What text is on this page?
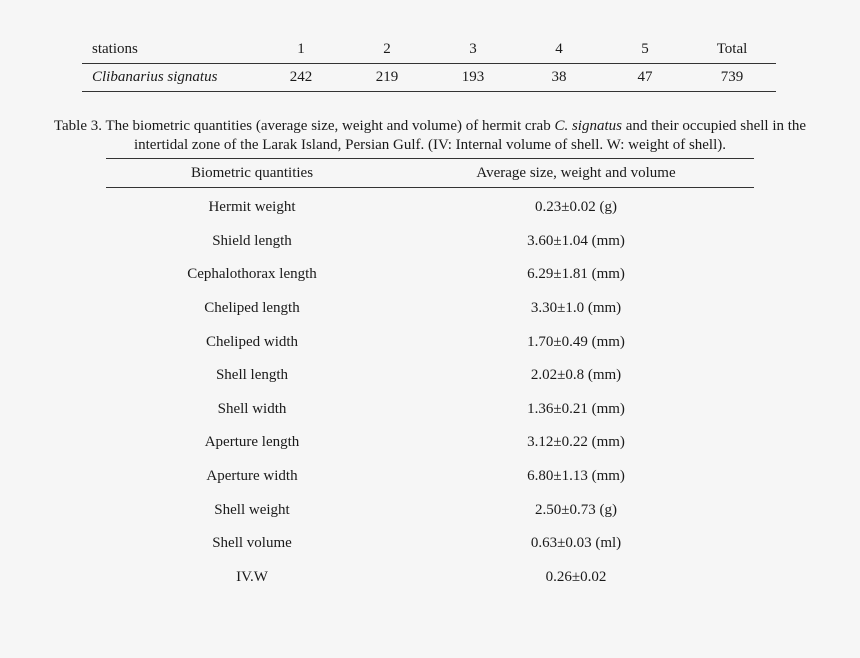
stations	1	2	3	4	5	Total
Clibanarius signatus	242	219	193	38	47	739
Table 3. The biometric quantities (average size, weight and volume) of hermit crab C. signatus and their occupied shell in the
intertidal zone of the Larak Island, Persian Gulf. (IV: Internal volume of shell. W: weight of shell).
Biometric quantities	Average size, weight and volume
Hermit weight	0.23±0.02 (g)
Shield length	3.60±1.04 (mm)
Cephalothorax length	6.29±1.81 (mm)
Cheliped length	3.30±1.0 (mm)
Cheliped width	1.70±0.49 (mm)
Shell length	2.02±0.8 (mm)
Shell width	1.36±0.21 (mm)
Aperture length	3.12±0.22 (mm)
Aperture width	6.80±1.13 (mm)
Shell weight	2.50±0.73 (g)
Shell volume	0.63±0.03 (ml)
IV.W	0.26±0.02
